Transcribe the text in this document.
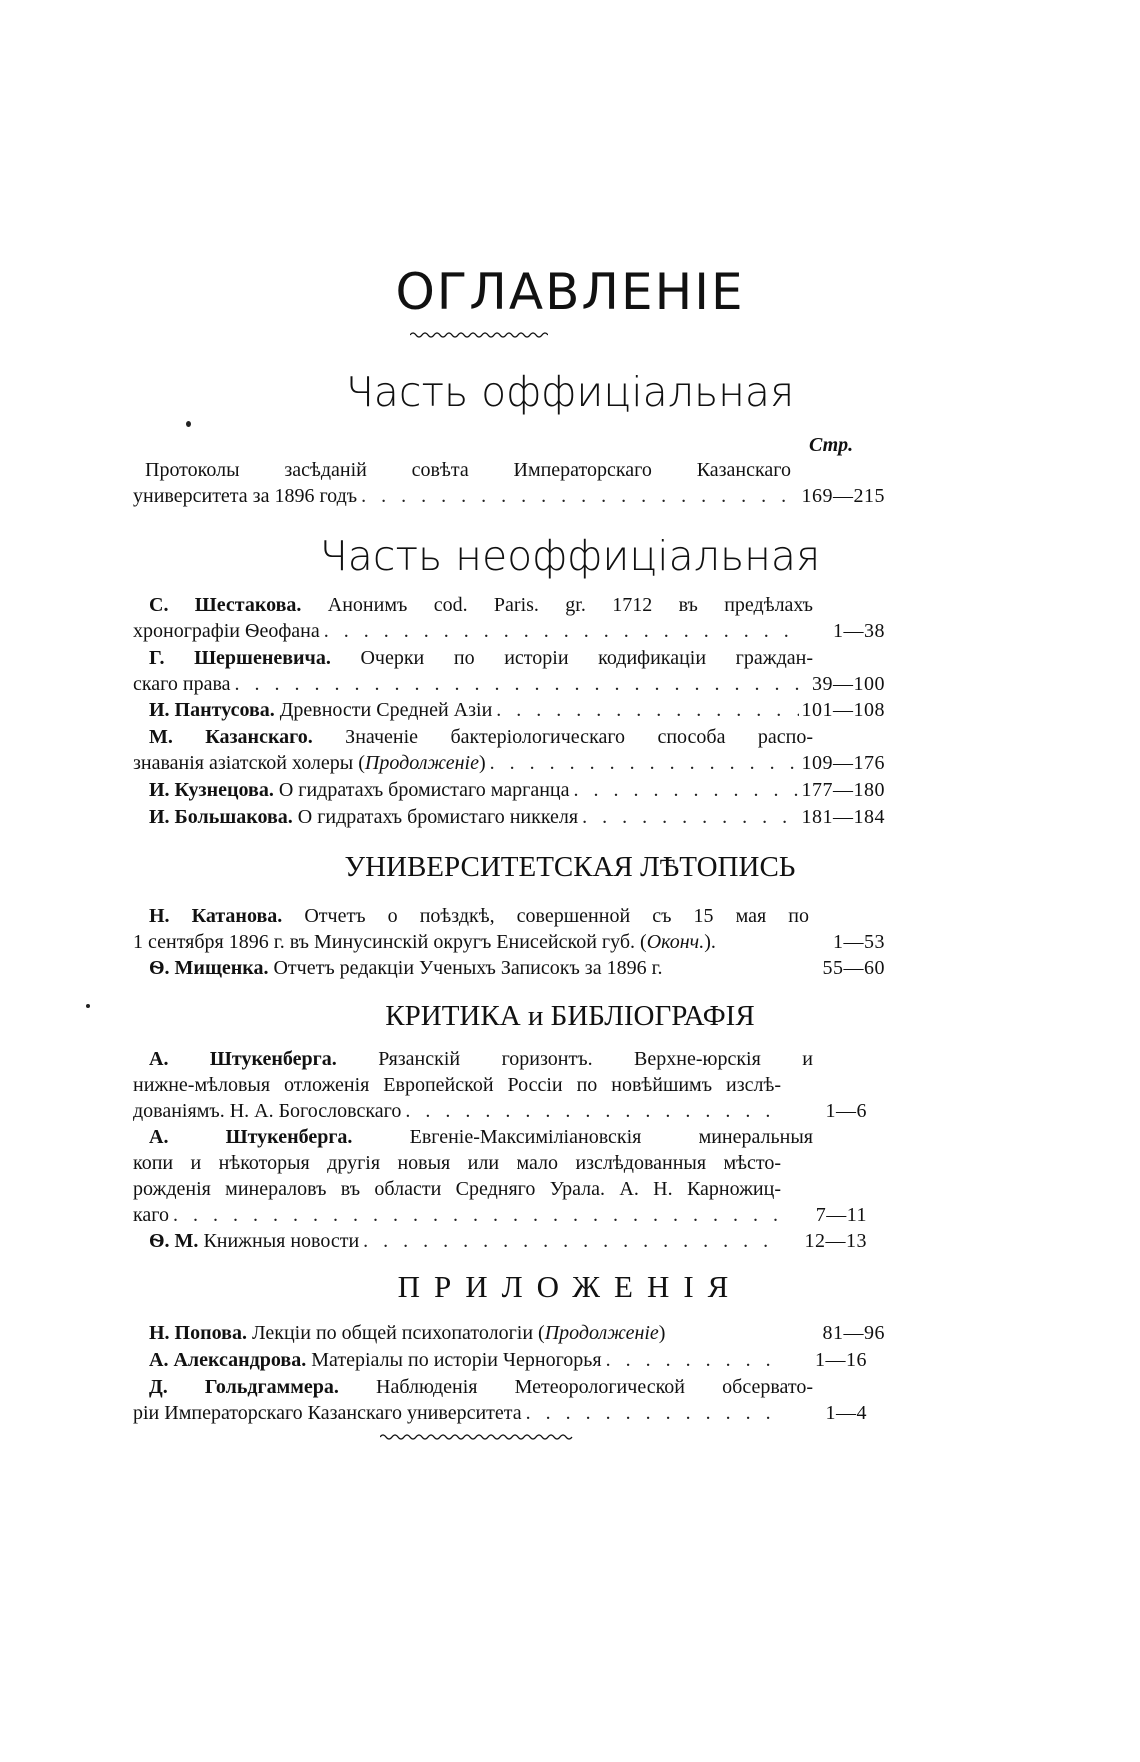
ОГЛАВЛЕНІЕ
Часть оффиціальная
Стр.
Протоколы засѣданій совѣта Императорскаго Казанскаго
университета за 1896 годъ . . .	169—215
Часть неоффиціальная
С. Шестакова. Анонимъ cod. Paris. gr. 1712 въ предѣлахъ
хронографіи Ѳеофана . . .	1—38
Г. Шершеневича. Очерки по исторіи кодификаціи граждан-
скаго права . . .	39—100
И. Пантусова.
Древности Средней Азіи . . .	101—108
М. Казанскаго. Значеніе бактеріологическаго способа распо-
знаванія азіатской холеры (Продолженіе) . . .	109—176
И. Кузнецова.
О гидратахъ бромистаго марганца . . .	177—180
И. Большакова.
О гидратахъ бромистаго никкеля . . .	181—184
УНИВЕРСИТЕТСКАЯ ЛѢТОПИСЬ
Н. Катанова. Отчетъ о поѣздкѣ, совершенной съ 15 мая по
1 сентября 1896 г. въ Минусинскій округъ Енисейской губ. (Оконч.).	1—53
Ѳ. Мищенка.
Отчетъ редакціи Ученыхъ Записокъ за 1896 г.	55—60
КРИТИКА и БИБЛІОГРАФІЯ
А. Штукенберга. Рязанскій горизонтъ. Верхне-юрскія и
нижне-мѣловыя отложенія Европейской Россіи по новѣйшимъ изслѣ-
дованіямъ. Н. А. Богословскаго . . .	1—6
А. Штукенберга.	Евгеніе-Максиміліановскія минеральныя
копи и нѣкоторыя другія новыя или мало изслѣдованныя мѣсто-
рожденія минераловъ въ области Средняго Урала. А. Н. Карножиц-
каго . . .	7—11
Ѳ. М.
Книжныя новости . . .	12—13
ПРИЛОЖЕНІЯ
Н. Попова.
Лекціи по общей психопатологіи (Продолженіе)	81—96
А. Александрова.
Матеріалы по исторіи Черногорья . . .	1—16
Д. Гольдгаммера. Наблюденія Метеорологической обсервато-
ріи Императорскаго Казанскаго университета . . .	1—4
